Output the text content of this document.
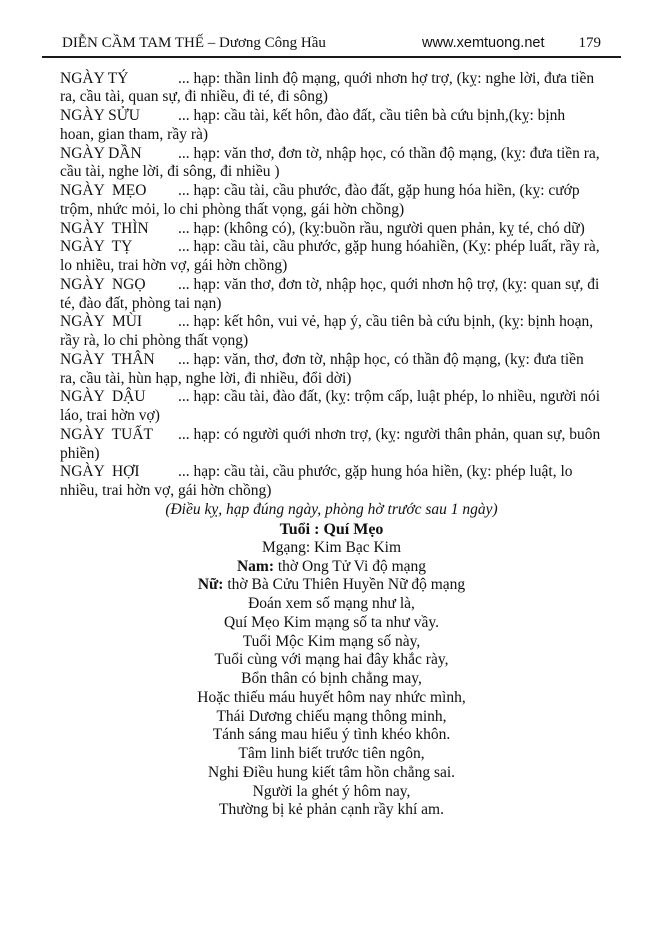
DIỄN CẦM TAM THẾ – Dương Công Hầu	www.xemtuong.net 179

NGÀY TÝ	... hạp: thần linh độ mạng, quới nhơn hợ trợ, (kỵ: nghe lời, đưa tiền ra, cầu tài, quan sự, đi nhiều, đi té, đi sông)

NGÀY SỬU ... hạp: cầu tài, kết hôn, đào đất, cầu tiên bà cứu bịnh,(kỵ: bịnh hoan, gian tham, rầy rà)

NGÀY DẦN ... hạp: văn thơ, đơn tờ, nhập học, có thần độ mạng, (kỵ: đưa tiền ra, cầu tài, nghe lời, đi sông, đi nhiều )

NGÀY  MẸO ... hạp: cầu tài, cầu phước, đào đất, gặp hung hóa hiền, (kỵ: cướp trộm, nhức mỏi, lo chi phòng thất vọng, gái hờn chồng)

NGÀY  THÌN ... hạp: (không có), (kỵ:buồn rầu, người quen phản, kỵ té, chó dữ)

NGÀY  TỴ	... hạp: cầu tài, cầu phước, gặp hung hóahiền, (Kỵ: phép luất, rầy rà, lo nhiều, trai hờn vợ, gái hờn chồng)

NGÀY  NGỌ ... hạp: văn thơ, đơn tờ, nhập học, quới nhơn hộ trợ, (kỵ: quan sự, đi té, đào đất, phòng tai nạn)

NGÀY  MÙI ... hạp: kết hôn, vui vẻ, hạp ý, cầu tiên bà cứu bịnh, (kỵ: bịnh hoạn, rầy rà, lo chi phòng thất vọng)

NGÀY  THÂN ... hạp: văn, thơ, đơn tờ, nhập học, có thần độ mạng, (kỵ: đưa tiền ra, cầu tài, hùn hạp, nghe lời, đi nhiều, đổi dời)

NGÀY  DẬU ... hạp: cầu tài, đào đất, (kỵ: trộm cấp, luật phép, lo nhiều, người nói láo, trai hờn vợ)

NGÀY  TUẤT ... hạp: có người quới nhơn trợ, (kỵ: người thân phản, quan sự, buôn phiền)

NGÀY  HỢI ... hạp: cầu tài, cầu phước, gặp hung hóa hiền, (kỵ: phép luật, lo nhiều, trai hờn vợ, gái hờn chồng)

(Điều kỵ, hạp đúng ngày, phòng hờ trước sau 1 ngày)

Tuổi : Quí Mẹo

Mgạng: Kim Bạc Kim

Nam: thờ Ong Tử Vi độ mạng

Nữ: thờ Bà Cửu Thiên Huyền Nữ độ mạng

Đoán xem số mạng như là,

Quí Mẹo Kim mạng số ta như vầy.

Tuổi Mộc Kim mạng số này,

Tuổi cùng với mạng hai đây khắc rày,

Bổn thân có bịnh chẳng may,

Hoặc thiếu máu huyết hôm nay nhức mình,

Thái Dương chiếu mạng thông minh,

Tánh sáng mau hiểu ý tình khéo khôn.

Tâm linh biết trước tiên ngôn,

Nghi Điều hung kiết tâm hồn chẳng sai.

Người la ghét ý hôm nay,

Thường bị kẻ phản cạnh rầy khí am.
